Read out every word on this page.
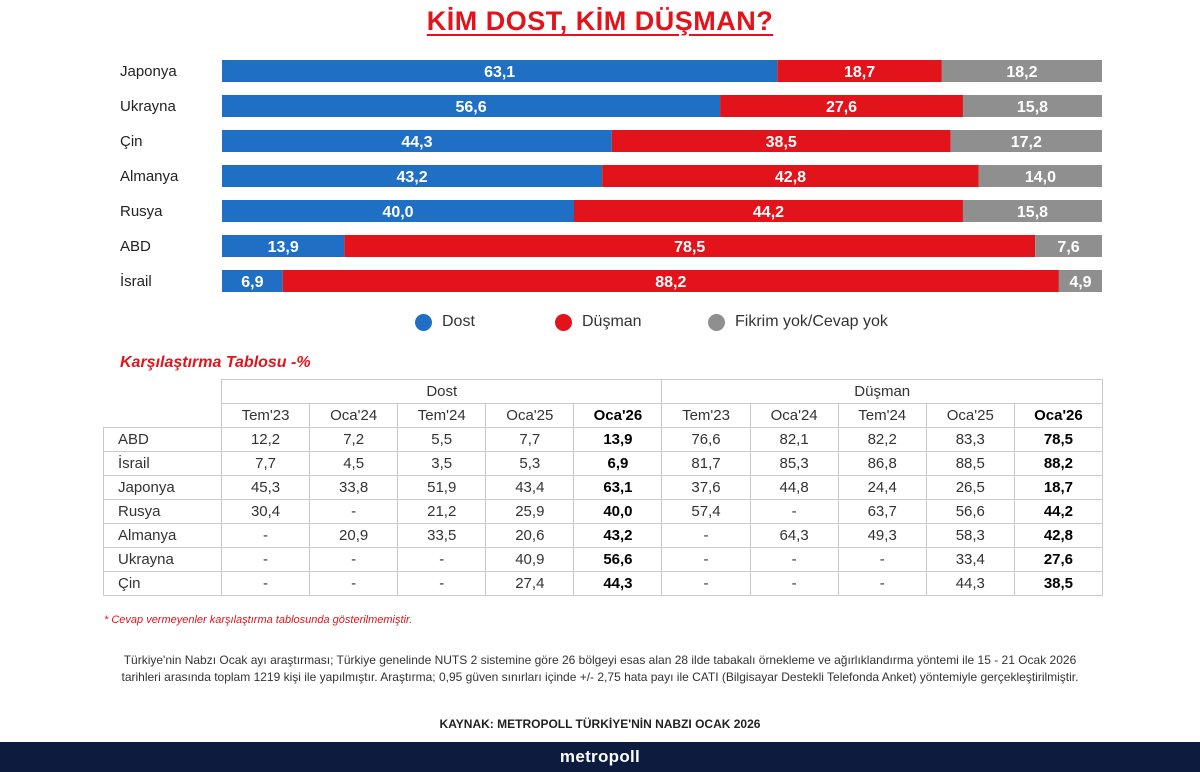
KİM DOST, KİM DÜŞMAN?
Japonya	63,1	18,7	18,2
Ukrayna	56,6	27,6	15,8
Çin	44,3	38,5	17,2
Almanya	43,2	42,8	14,0
Rusya	40,0	44,2	15,8
ABD	13,9	78,5	7,6
İsrail	6,9	88,2	4,9
Dost	Düşman	Fikrim yok/Cevap yok
Karşılaştırma Tablosu -%
	Dost					Düşman				
	Tem'23	Oca'24	Tem'24	Oca'25	Oca'26	Tem'23	Oca'24	Tem'24	Oca'25	Oca'26
ABD	12,2	7,2	5,5	7,7	13,9	76,6	82,1	82,2	83,3	78,5
İsrail	7,7	4,5	3,5	5,3	6,9	81,7	85,3	86,8	88,5	88,2
Japonya	45,3	33,8	51,9	43,4	63,1	37,6	44,8	24,4	26,5	18,7
Rusya	30,4	-	21,2	25,9	40,0	57,4	-	63,7	56,6	44,2
Almanya	-	20,9	33,5	20,6	43,2	-	64,3	49,3	58,3	42,8
Ukrayna	-	-	-	40,9	56,6	-	-	-	33,4	27,6
Çin	-	-	-	27,4	44,3	-	-	-	44,3	38,5
* Cevap vermeyenler karşılaştırma tablosunda gösterilmemiştir.
Türkiye'nin Nabzı Ocak ayı araştırması; Türkiye genelinde NUTS 2 sistemine göre 26 bölgeyi esas alan 28 ilde tabakalı örnekleme ve ağırlıklandırma yöntemi ile 15 - 21 Ocak 2026 tarihleri arasında toplam 1219 kişi ile yapılmıştır. Araştırma; 0,95 güven sınırları içinde +/- 2,75 hata payı ile CATI (Bilgisayar Destekli Telefonda Anket) yöntemiyle gerçekleştirilmiştir.
KAYNAK: METROPOLL TÜRKİYE'NİN NABZI OCAK 2026
metropoll
